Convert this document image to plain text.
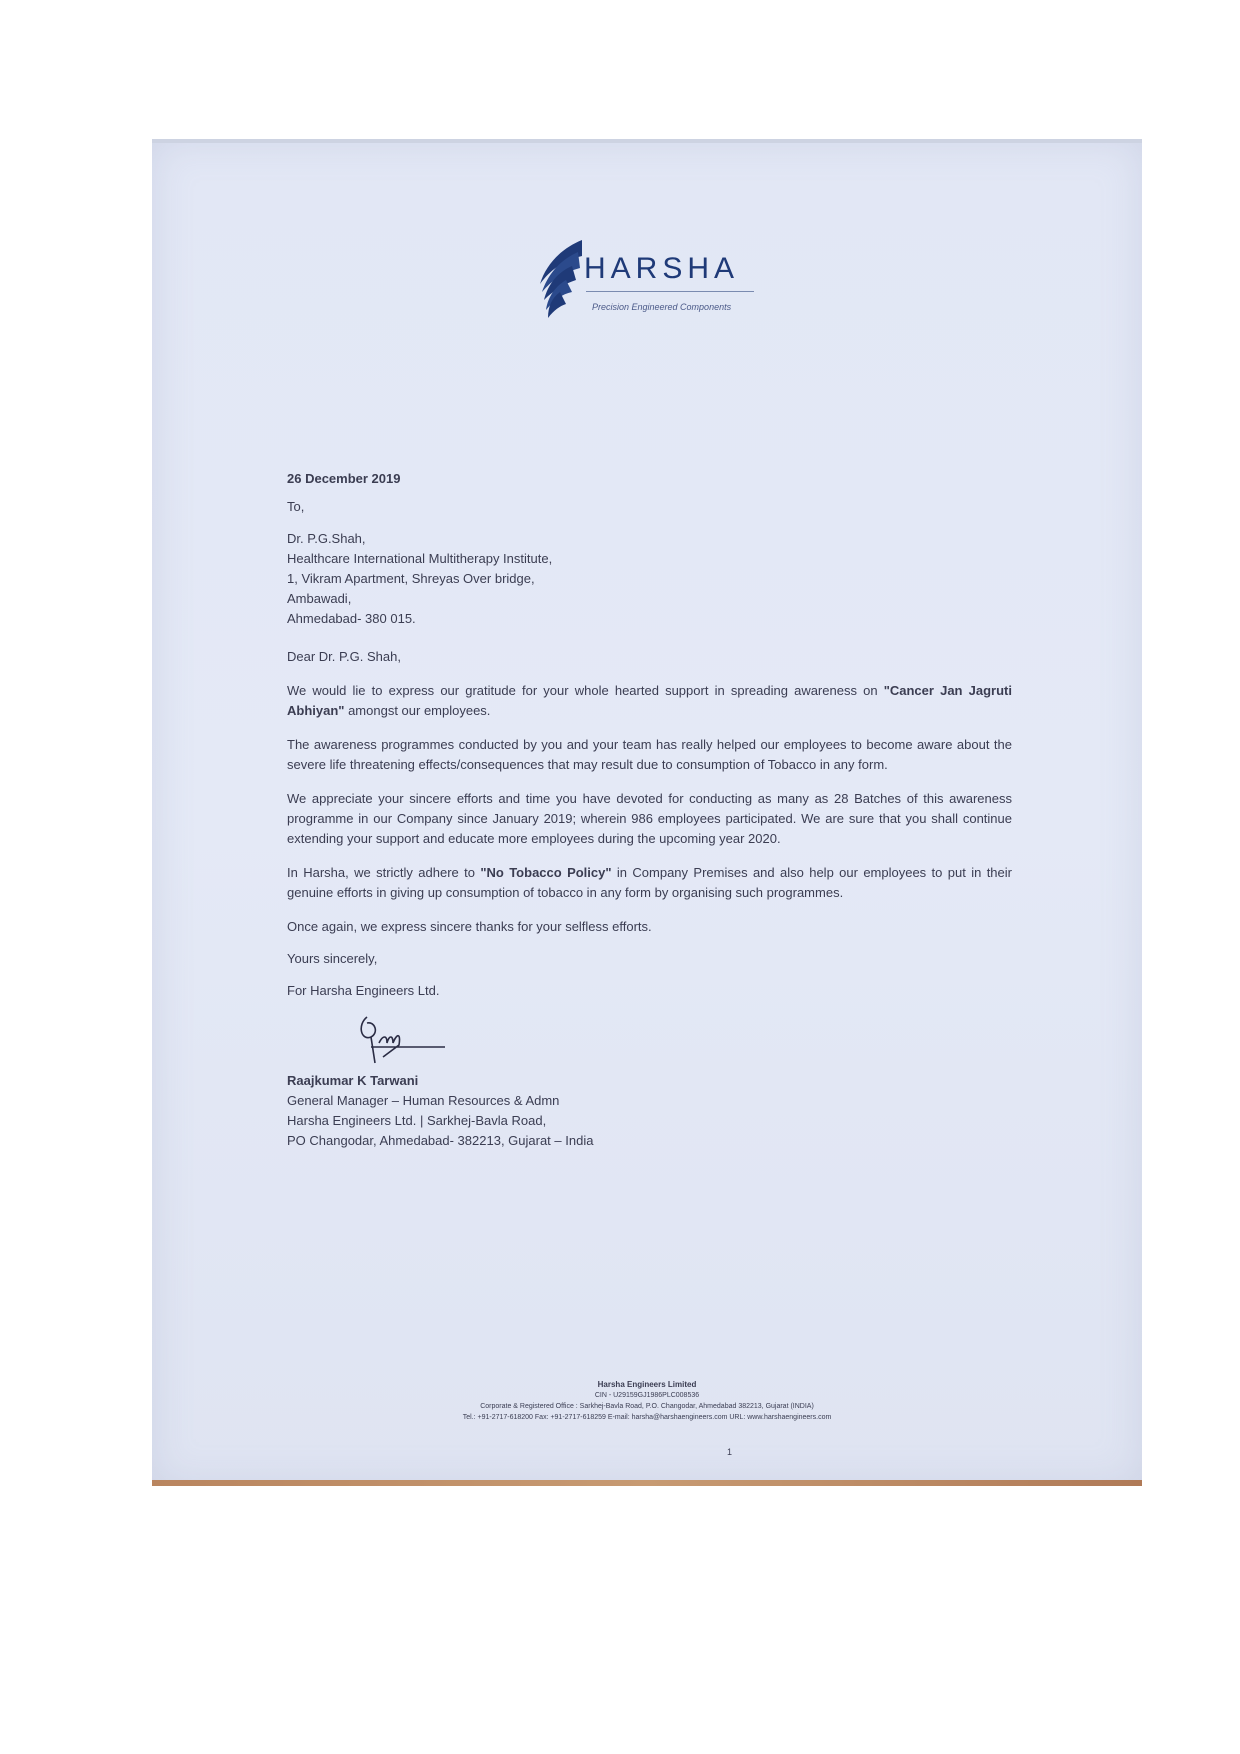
HARSHA
Precision Engineered Components

26 December 2019

To,

Dr. P.G.Shah,

Healthcare International Multitherapy Institute,

1, Vikram Apartment, Shreyas Over bridge,

Ambawadi,

Ahmedabad- 380 015.

Dear Dr. P.G. Shah,

We would lie to express our gratitude for your whole hearted support in spreading awareness on "Cancer Jan Jagruti Abhiyan" amongst our employees.

The awareness programmes conducted by you and your team has really helped our employees to become aware about the severe life threatening effects/consequences that may result due to consumption of Tobacco in any form.

We appreciate your sincere efforts and time you have devoted for conducting as many as 28 Batches of this awareness programme in our Company since January 2019; wherein 986 employees participated. We are sure that you shall continue extending your support and educate more employees during the upcoming year 2020.

In Harsha, we strictly adhere to "No Tobacco Policy" in Company Premises and also help our employees to put in their genuine efforts in giving up consumption of tobacco in any form by organising such programmes.

Once again, we express sincere thanks for your selfless efforts.

Yours sincerely,

For Harsha Engineers Ltd.

Raajkumar K Tarwani

General Manager – Human Resources & Admn

Harsha Engineers Ltd. | Sarkhej-Bavla Road,

PO Changodar, Ahmedabad- 382213, Gujarat – India

Harsha Engineers Limited
CIN - U29159GJ1986PLC008536
Corporate & Registered Office : Sarkhej-Bavla Road, P.O. Changodar, Ahmedabad 382213, Gujarat (INDIA)
Tel.: +91-2717-618200 Fax: +91-2717-618259 E-mail: harsha@harshaengineers.com URL: www.harshaengineers.com
1
